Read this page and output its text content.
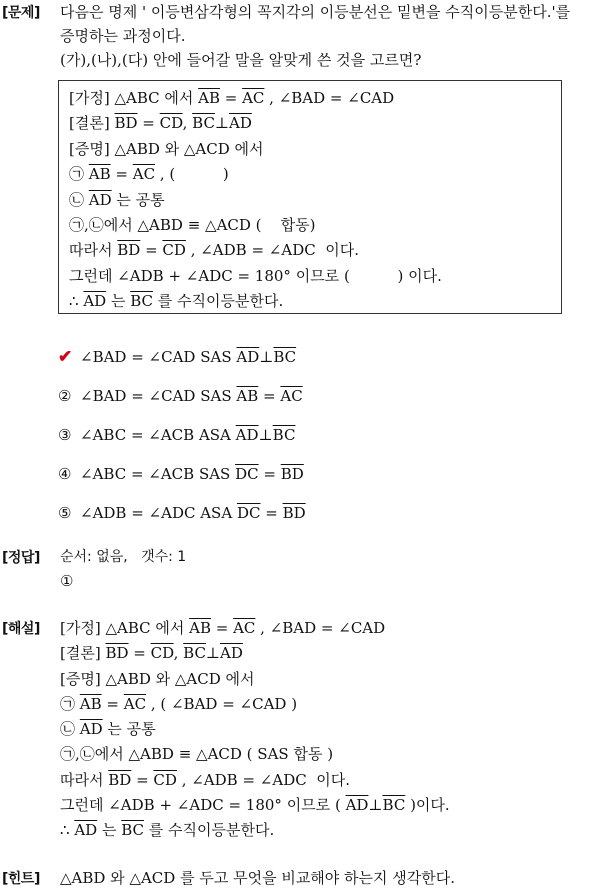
[문제] 다음은 명제 ' 이등변삼각형의 꼭지각의 이등분선은 밑변을 수직이등분한다.'를
증명하는 과정이다.
(가),(나),(다) 안에 들어갈 말을 알맞게 쓴 것을 고르면?
[가정] △ABC 에서 $\overline{AB} = \overline{AC}$ , ∠BAD = ∠CAD
[결론] $\overline{BD} = \overline{CD}$, $\overline{BC}\perp\overline{AD}$
[증명] △ABD 와 △ACD 에서
㉠ $\overline{AB} = \overline{AC}$ , (          )
㉡ $\overline{AD}$ 는 공통
㉠,㉡에서 △ABD ≡ △ACD (    합동)
따라서 $\overline{BD} = \overline{CD}$ , ∠ADB = ∠ADC  이다.
그런데 ∠ADB + ∠ADC = 180° 이므로 (          ) 이다.
∴ $\overline{AD}$ 는 $\overline{BC}$ 를 수직이등분한다.
✔ ∠BAD = ∠CAD SAS $\overline{AD}\perp\overline{BC}$
② ∠BAD = ∠CAD SAS $\overline{AB} = \overline{AC}$
③ ∠ABC = ∠ACB ASA $\overline{AD}\perp\overline{BC}$
④ ∠ABC = ∠ACB SAS $\overline{DC} = \overline{BD}$
⑤ ∠ADB = ∠ADC ASA $\overline{DC} = \overline{BD}$
[정답] 순서: 없음,   갯수: 1
①
[해설] [가정] △ABC 에서 $\overline{AB} = \overline{AC}$ , ∠BAD = ∠CAD
[결론] $\overline{BD} = \overline{CD}$, $\overline{BC}\perp\overline{AD}$
[증명] △ABD 와 △ACD 에서
㉠ $\overline{AB} = \overline{AC}$ , ( ∠BAD = ∠CAD )
㉡ $\overline{AD}$ 는 공통
㉠,㉡에서 △ABD ≡ △ACD ( SAS 합동 )
따라서 $\overline{BD} = \overline{CD}$ , ∠ADB = ∠ADC  이다.
그런데 ∠ADB + ∠ADC = 180° 이므로 ( $\overline{AD}\perp\overline{BC}$ )이다.
∴ $\overline{AD}$ 는 $\overline{BC}$ 를 수직이등분한다.
[힌트] △ABD 와 △ACD 를 두고 무엇을 비교해야 하는지 생각한다.
